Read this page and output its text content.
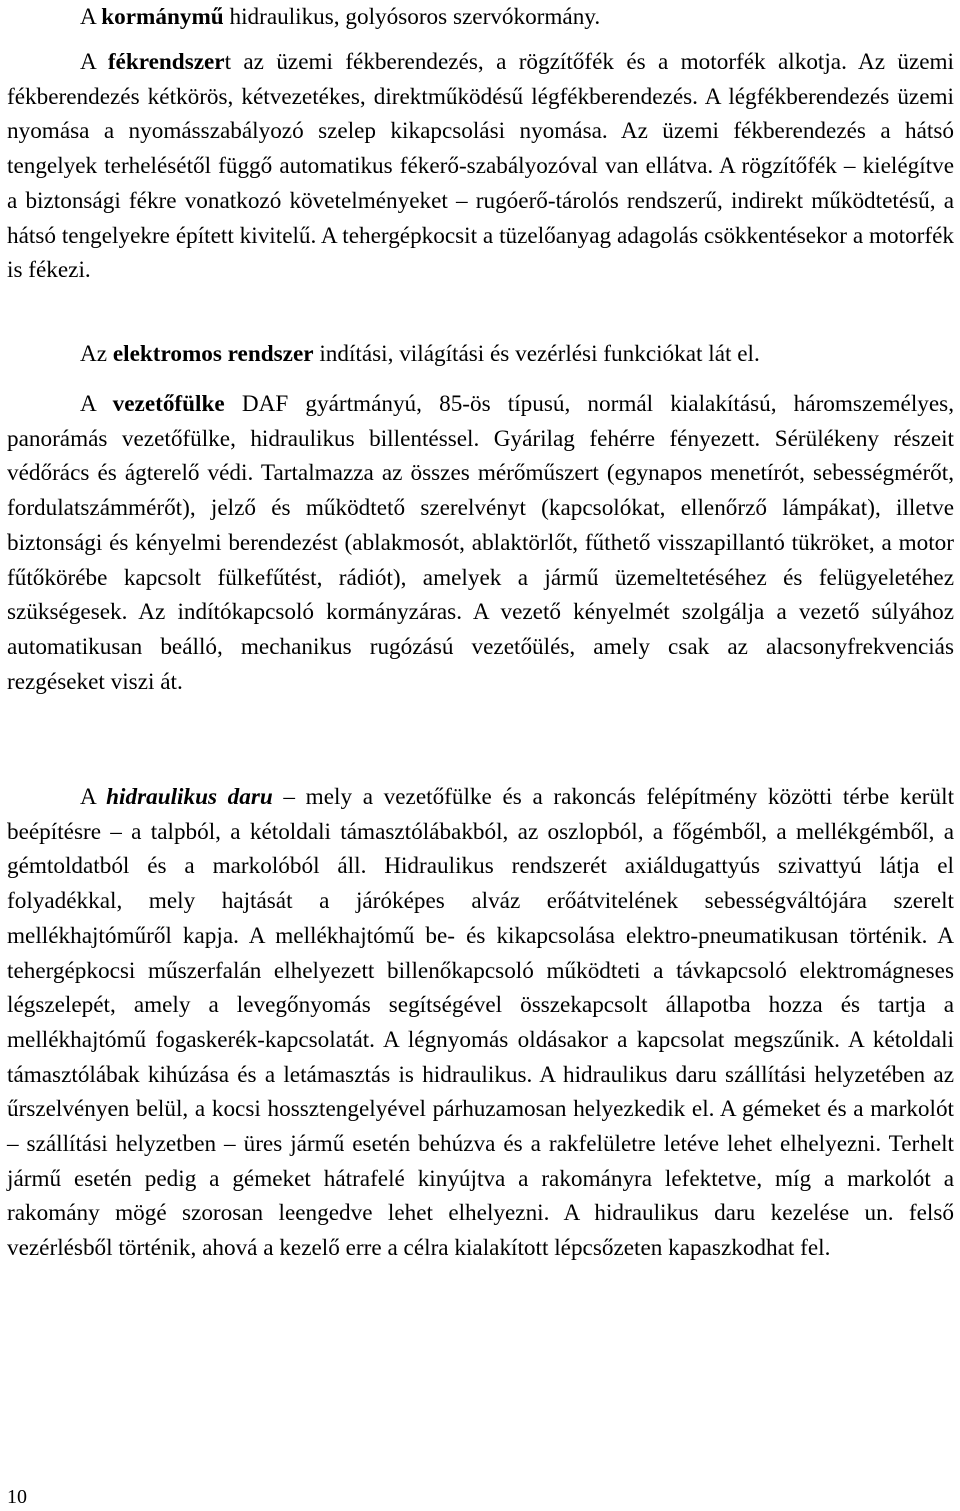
A kormánymű hidraulikus, golyósoros szervókormány.

A fékrendszert az üzemi fékberendezés, a rögzítőfék és a motorfék alkotja. Az üzemi fékberendezés kétkörös, kétvezetékes, direktműködésű légfékberendezés. A légfékberendezés üzemi nyomása a nyomásszabályozó szelep kikapcsolási nyomása. Az üzemi fékberendezés a hátsó tengelyek terhelésétől függő automatikus fékerő-szabályozóval van ellátva. A rögzítőfék – kielégítve a biztonsági fékre vonatkozó követelményeket – rugóerő-tárolós rendszerű, indirekt működtetésű, a hátsó tengelyekre épített kivitelű. A tehergépkocsit a tüzelőanyag adagolás csökkentésekor a motorfék is fékezi.

Az elektromos rendszer indítási, világítási és vezérlési funkciókat lát el.

A vezetőfülke DAF gyártmányú, 85-ös típusú, normál kialakítású, háromszemélyes, panorámás vezetőfülke, hidraulikus billentéssel. Gyárilag fehérre fényezett. Sérülékeny részeit védőrács és ágterelő védi. Tartalmazza az összes mérőműszert (egynapos menetírót, sebességmérőt, fordulatszámmérőt), jelző és működtető szerelvényt (kapcsolókat, ellenőrző lámpákat), illetve biztonsági és kényelmi berendezést (ablakmosót, ablaktörlőt, fűthető visszapillantó tükröket, a motor fűtőkörébe kapcsolt fülkefűtést, rádiót), amelyek a jármű üzemeltetéséhez és felügyeletéhez szükségesek. Az indítókapcsoló kormányzáras. A vezető kényelmét szolgálja a vezető súlyához automatikusan beálló, mechanikus rugózású vezetőülés, amely csak az alacsonyfrekvenciás rezgéseket viszi át.

A hidraulikus daru – mely a vezetőfülke és a rakoncás felépítmény közötti térbe került beépítésre – a talpból, a kétoldali támasztólábakból, az oszlopból, a főgémből, a mellékgémből, a gémtoldatból és a markolóból áll. Hidraulikus rendszerét axiáldugattyús szivattyú látja el folyadékkal, mely hajtását a járóképes alváz erőátvitelének sebességváltójára szerelt mellékhajtóműről kapja. A mellékhajtómű be- és kikapcsolása elektro-pneumatikusan történik. A tehergépkocsi műszerfalán elhelyezett billenőkapcsoló működteti a távkapcsoló elektromágneses légszelepét, amely a levegőnyomás segítségével összekapcsolt állapotba hozza és tartja a mellékhajtómű fogaskerék-kapcsolatát. A légnyomás oldásakor a kapcsolat megszűnik. A kétoldali támasztólábak kihúzása és a letámasztás is hidraulikus. A hidraulikus daru szállítási helyzetében az űrszelvényen belül, a kocsi hossztengelyével párhuzamosan helyezkedik el. A gémeket és a markolót – szállítási helyzetben – üres jármű esetén behúzva és a rakfelületre letéve lehet elhelyezni. Terhelt jármű esetén pedig a gémeket hátrafelé kinyújtva a rakományra lefektetve, míg a markolót a rakomány mögé szorosan leengedve lehet elhelyezni. A hidraulikus daru kezelése un. felső vezérlésből történik, ahová a kezelő erre a célra kialakított lépcsőzeten kapaszkodhat fel.

10
